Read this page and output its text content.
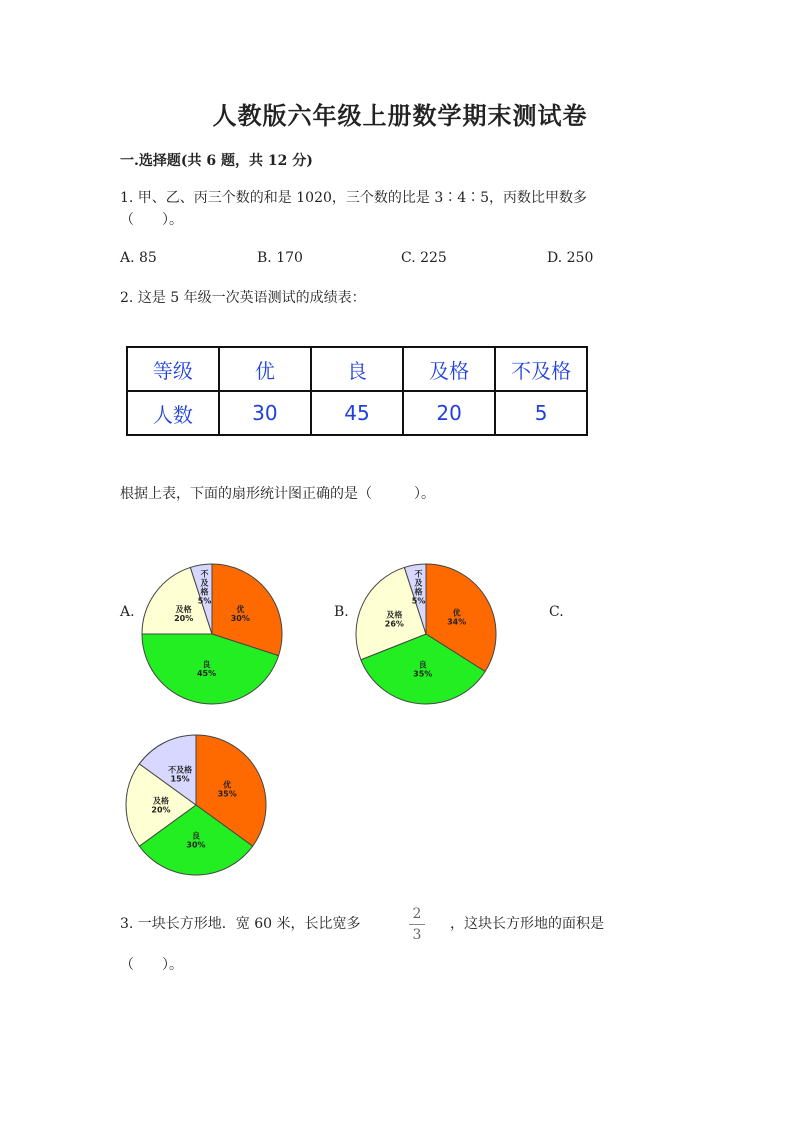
人教版六年级上册数学期末测试卷
一.选择题(共 6 题，共 12 分)
1. 甲、乙、丙三个数的和是 1020，三个数的比是 3∶4∶5，丙数比甲数多
（　　）。
A. 85	B. 170	C. 225	D. 250
2. 这是 5 年级一次英语测试的成绩表：
等级	优	良	及格	不及格
人数	30	45	20	5
根据上表，下面的扇形统计图正确的是（　　　）。
A.	B.	C.
优
30%
良
45%
及格
20%
不
及
格
5%
优
34%
良
35%
及格
26%
不
及
格
5%
优
35%
良
30%
及格
20%
不及格
15%
3. 一块长方形地．宽 60 米，长比宽多
2
3
，这块长方形地的面积是
（　　）。
